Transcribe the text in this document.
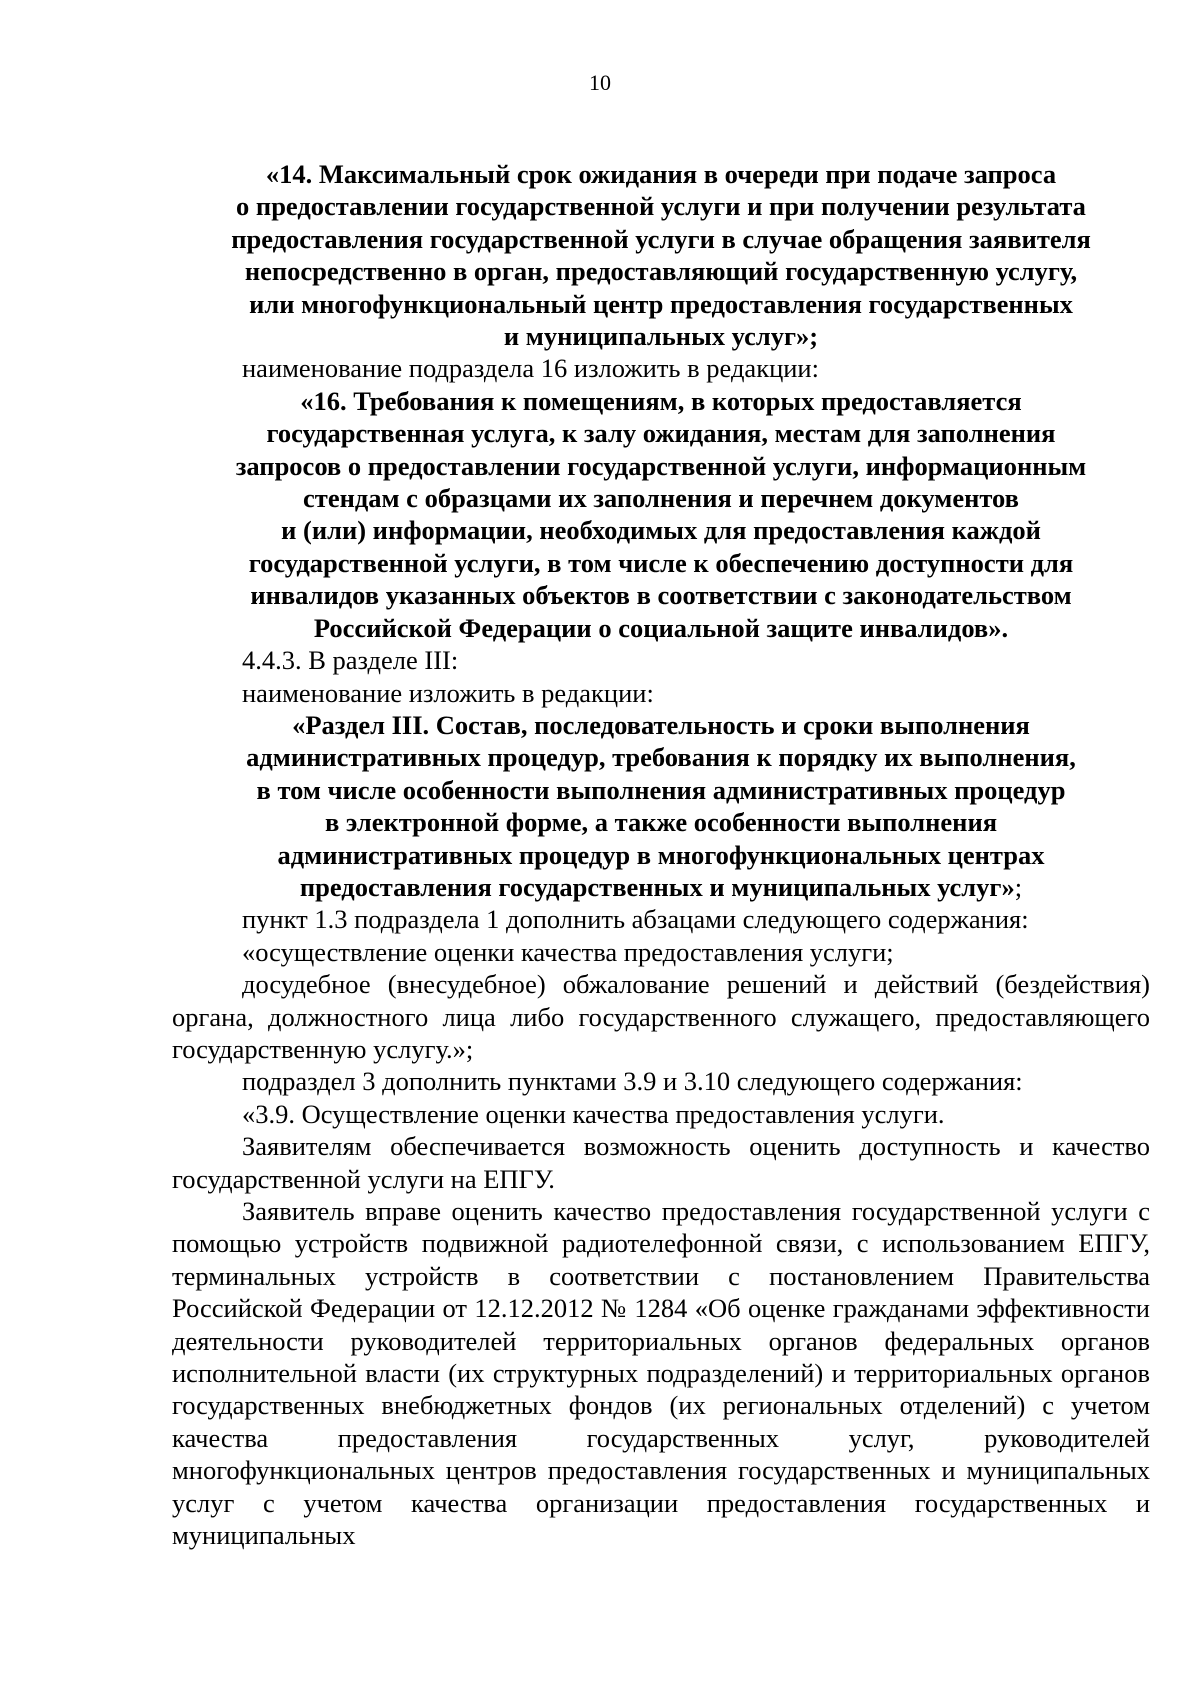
10
«14. Максимальный срок ожидания в очереди при подаче запроса
о предоставлении государственной услуги и при получении результата
предоставления государственной услуги в случае обращения заявителя
непосредственно в орган, предоставляющий государственную услугу,
или многофункциональный центр предоставления государственных
и муниципальных услуг»;

наименование подраздела 16 изложить в редакции:

«16. Требования к помещениям, в которых предоставляется
государственная услуга, к залу ожидания, местам для заполнения
запросов о предоставлении государственной услуги, информационным
стендам с образцами их заполнения и перечнем документов
и (или) информации, необходимых для предоставления каждой
государственной услуги, в том числе к обеспечению доступности для
инвалидов указанных объектов в соответствии с законодательством
Российской Федерации о социальной защите инвалидов».

4.4.3. В разделе III:

наименование изложить в редакции:

«Раздел III. Состав, последовательность и сроки выполнения
административных процедур, требования к порядку их выполнения,
в том числе особенности выполнения административных процедур
в электронной форме, а также особенности выполнения
административных процедур в многофункциональных центрах
предоставления государственных и муниципальных услуг»;

пункт 1.3 подраздела 1 дополнить абзацами следующего содержания:

«осуществление оценки качества предоставления услуги;

досудебное (внесудебное) обжалование решений и действий (бездействия) органа, должностного лица либо государственного служащего, предоставляющего государственную услугу.»;

подраздел 3 дополнить пунктами 3.9 и 3.10 следующего содержания:

«3.9. Осуществление оценки качества предоставления услуги.

Заявителям обеспечивается возможность оценить доступность и качество государственной услуги на ЕПГУ.

Заявитель вправе оценить качество предоставления государственной услуги с помощью устройств подвижной радиотелефонной связи, с использованием ЕПГУ, терминальных устройств в соответствии с постановлением Правительства Российской Федерации от 12.12.2012 № 1284 «Об оценке гражданами эффективности деятельности руководителей территориальных органов федеральных органов исполнительной власти (их структурных подразделений) и территориальных органов государственных внебюджетных фондов (их региональных отделений) с учетом качества предоставления государственных услуг, руководителей многофункциональных центров предоставления государственных и муниципальных услуг с учетом качества организации предоставления государственных и муниципальных
